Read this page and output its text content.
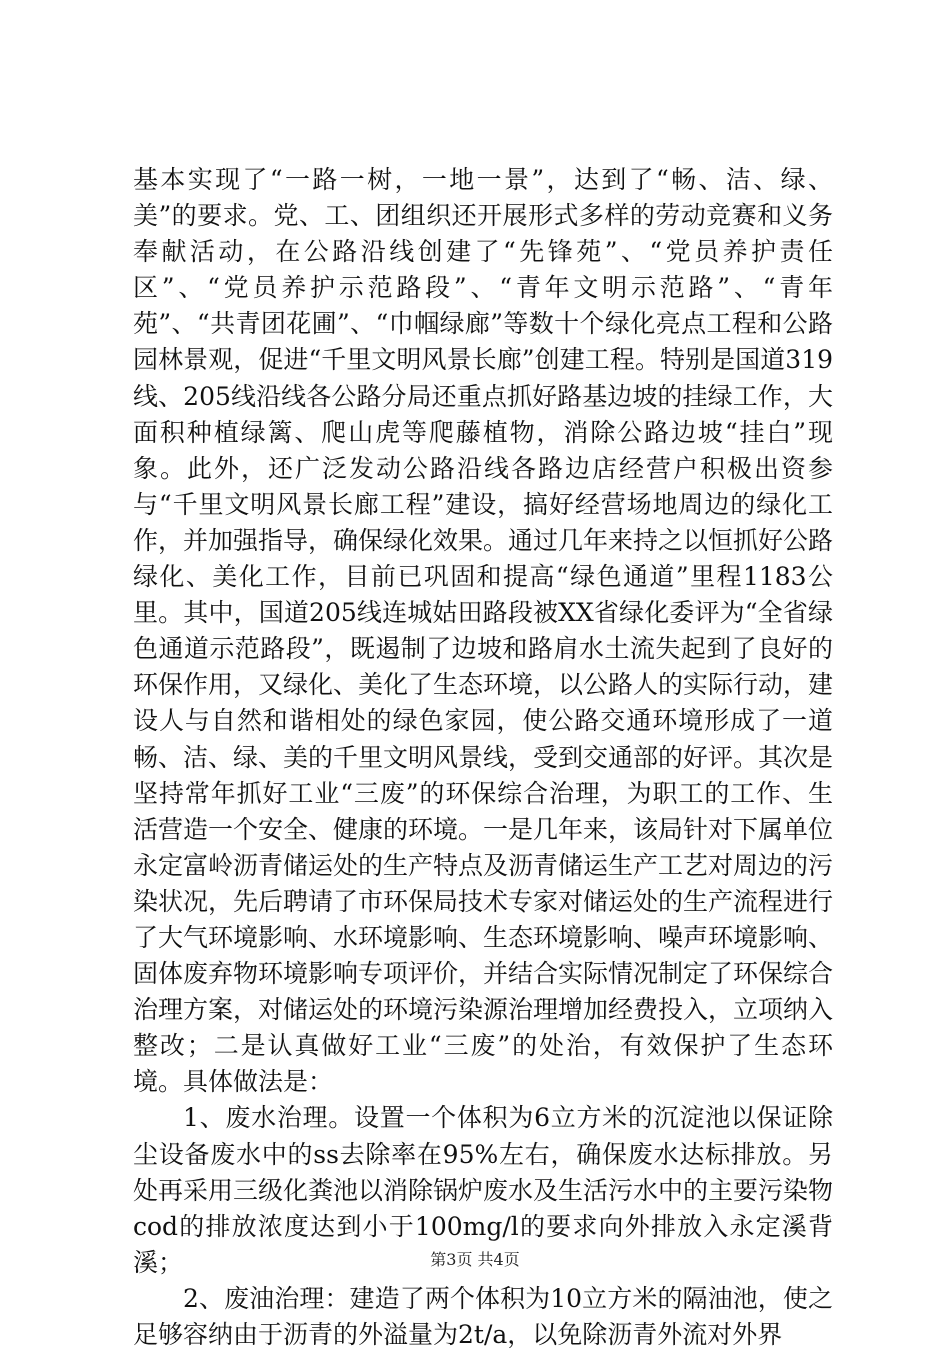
基本实现了“一路一树，一地一景”，达到了“畅、洁、绿、美”的要求。党、工、团组织还开展形式多样的劳动竞赛和义务奉献活动，在公路沿线创建了“先锋苑”、“党员养护责任区”、“党员养护示范路段”、“青年文明示范路”、“青年苑”、“共青团花圃”、“巾帼绿廊”等数十个绿化亮点工程和公路园林景观，促进“千里文明风景长廊”创建工程。特别是国道319线、205线沿线各公路分局还重点抓好路基边坡的挂绿工作，大面积种植绿篱、爬山虎等爬藤植物，消除公路边坡“挂白”现象。此外，还广泛发动公路沿线各路边店经营户积极出资参与“千里文明风景长廊工程”建设，搞好经营场地周边的绿化工作，并加强指导，确保绿化效果。通过几年来持之以恒抓好公路绿化、美化工作，目前已巩固和提高“绿色通道”里程1183公里。其中，国道205线连城姑田路段被XX省绿化委评为“全省绿色通道示范路段”，既遏制了边坡和路肩水土流失起到了良好的环保作用，又绿化、美化了生态环境，以公路人的实际行动，建设人与自然和谐相处的绿色家园，使公路交通环境形成了一道畅、洁、绿、美的千里文明风景线，受到交通部的好评。其次是坚持常年抓好工业“三废”的环保综合治理，为职工的工作、生活营造一个安全、健康的环境。一是几年来，该局针对下属单位永定富岭沥青储运处的生产特点及沥青储运生产工艺对周边的污染状况，先后聘请了市环保局技术专家对储运处的生产流程进行了大气环境影响、水环境影响、生态环境影响、噪声环境影响、固体废弃物环境影响专项评价，并结合实际情况制定了环保综合治理方案，对储运处的环境污染源治理增加经费投入，立项纳入整改；二是认真做好工业“三废”的处治，有效保护了生态环境。具体做法是：

1、废水治理。设置一个体积为6立方米的沉淀池以保证除尘设备废水中的ss去除率在95%左右，确保废水达标排放。另处再采用三级化粪池以消除锅炉废水及生活污水中的主要污染物cod的排放浓度达到小于100mg/l的要求向外排放入永定溪背溪；

2、废油治理：建造了两个体积为10立方米的隔油池，使之足够容纳由于沥青的外溢量为2t/a，以免除沥青外流对外界

第3页 共4页
